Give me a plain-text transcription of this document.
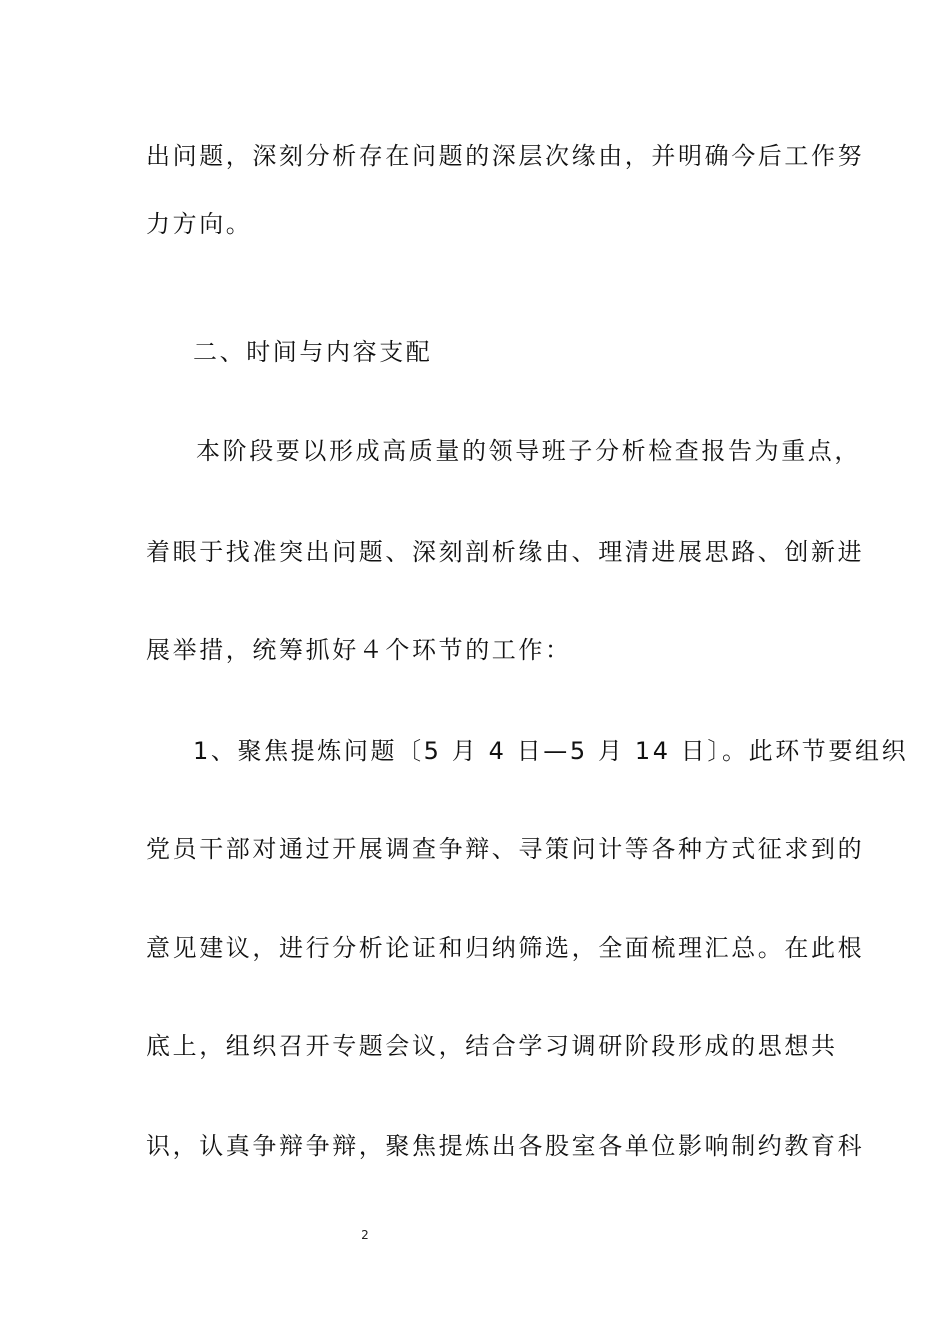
出问题，深刻分析存在问题的深层次缘由，并明确今后工作努
力方向。
二、时间与内容支配
本阶段要以形成高质量的领导班子分析检查报告为重点，
着眼于找准突出问题、深刻剖析缘由、理清进展思路、创新进
展举措，统筹抓好４个环节的工作：
1、聚焦提炼问题〔5 月 4 日—5 月 14 日〕。此环节要组织
党员干部对通过开展调查争辩、寻策问计等各种方式征求到的
意见建议，进行分析论证和归纳筛选，全面梳理汇总。在此根
底上，组织召开专题会议，结合学习调研阶段形成的思想共
识，认真争辩争辩，聚焦提炼出各股室各单位影响制约教育科
2
